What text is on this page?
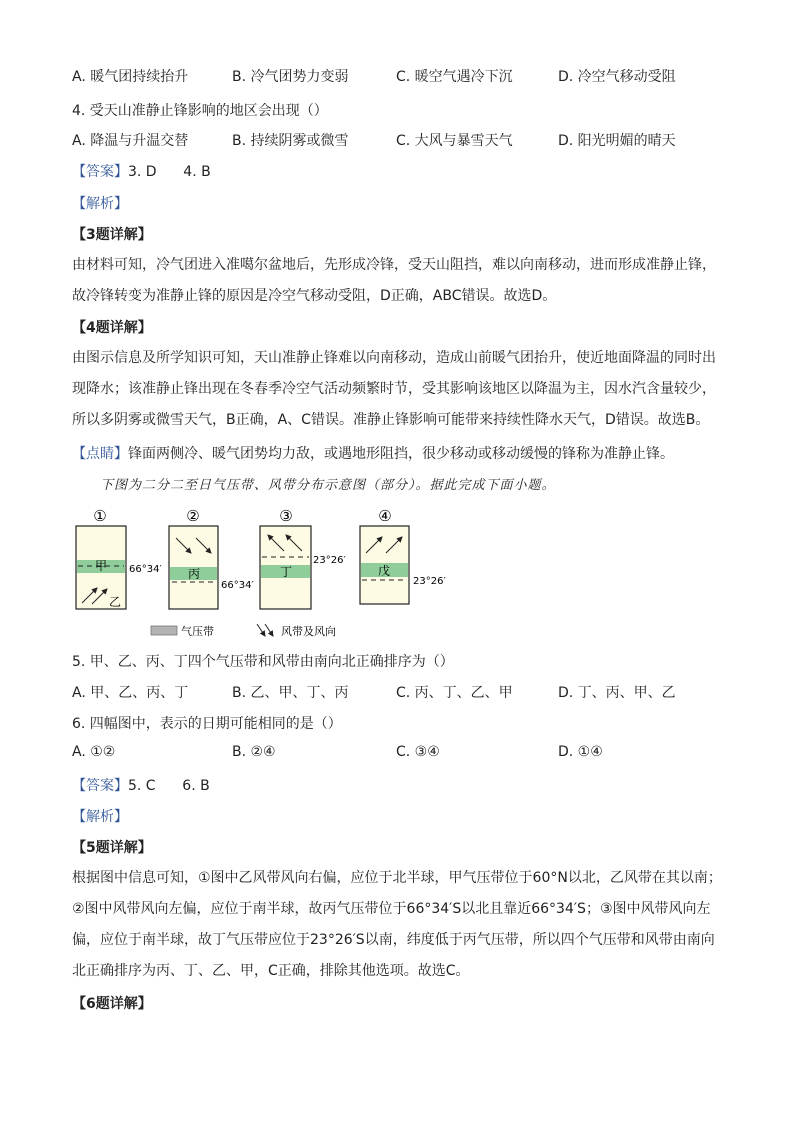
A. 暖气团持续抬升	B. 冷气团势力变弱	C. 暖空气遇冷下沉	D. 冷空气移动受阻
4. 受天山准静止锋影响的地区会出现（）
A. 降温与升温交替	B. 持续阴雾或微雪	C. 大风与暴雪天气	D. 阳光明媚的晴天
【答案】3. D      4. B
【解析】
【3题详解】
由材料可知，冷气团进入准噶尔盆地后，先形成冷锋，受天山阻挡，难以向南移动，进而形成准静止锋，故冷锋转变为准静止锋的原因是冷空气移动受阻，D正确，ABC错误。故选D。
【4题详解】
由图示信息及所学知识可知，天山准静止锋难以向南移动，造成山前暖气团抬升，使近地面降温的同时出现降水；该准静止锋出现在冬春季冷空气活动频繁时节，受其影响该地区以降温为主，因水汽含量较少，所以多阴雾或微雪天气，B正确，A、C错误。准静止锋影响可能带来持续性降水天气，D错误。故选B。
【点睛】锋面两侧冷、暖气团势均力敌，或遇地形阻挡，很少移动或移动缓慢的锋称为准静止锋。
下图为二分二至日气压带、风带分布示意图（部分）。据此完成下面小题。
①
甲
乙
66°34′
②
丙
66°34′
③
丁
23°26′
④
戊
23°26′
气压带	风带及风向
5. 甲、乙、丙、丁四个气压带和风带由南向北正确排序为（）
A. 甲、乙、丙、丁	B. 乙、甲、丁、丙	C. 丙、丁、乙、甲	D. 丁、丙、甲、乙
6. 四幅图中，表示的日期可能相同的是（）
A. ①②	B. ②④	C. ③④	D. ①④
【答案】5. C      6. B
【解析】
【5题详解】
根据图中信息可知，①图中乙风带风向右偏，应位于北半球，甲气压带位于60°N以北，乙风带在其以南；②图中风带风向左偏，应位于南半球，故丙气压带位于66°34′S以北且靠近66°34′S；③图中风带风向左偏，应位于南半球，故丁气压带应位于23°26′S以南，纬度低于丙气压带，所以四个气压带和风带由南向北正确排序为丙、丁、乙、甲，C正确，排除其他选项。故选C。
【6题详解】
